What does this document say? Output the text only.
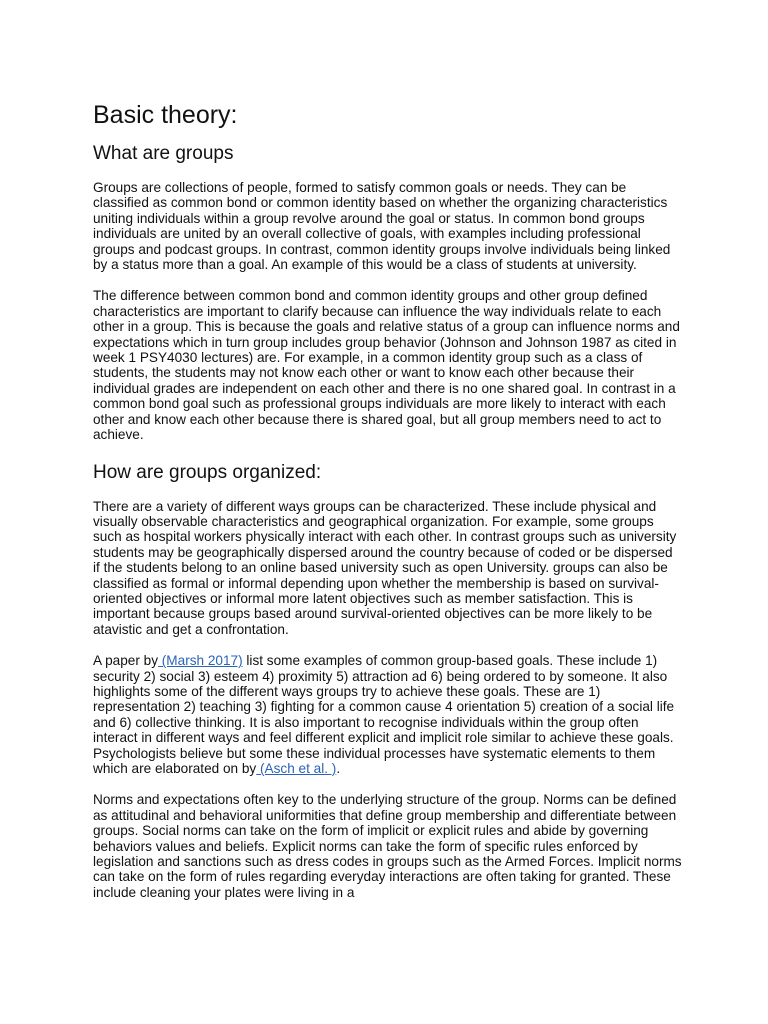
Basic theory:
What are groups

Groups are collections of people, formed to satisfy common goals or needs. They can be classified as common bond or common identity based on whether the organizing characteristics uniting individuals within a group revolve around the goal or status. In common bond groups individuals are united by an overall collective of goals, with examples including professional groups and podcast groups. In contrast, common identity groups involve individuals being linked by a status more than a goal. An example of this would be a class of students at university.

The difference between common bond and common identity groups and other group defined characteristics are important to clarify because can influence the way individuals relate to each other in a group. This is because the goals and relative status of a group can influence norms and expectations which in turn group includes group behavior (Johnson and Johnson 1987 as cited in week 1 PSY4030 lectures) are. For example, in a common identity group such as a class of students, the students may not know each other or want to know each other because their individual grades are independent on each other and there is no one shared goal. In contrast in a common bond goal such as professional groups individuals are more likely to interact with each other and know each other because there is shared goal, but all group members need to act to achieve.

How are groups organized:

There are a variety of different ways groups can be characterized. These include physical and visually observable characteristics and geographical organization. For example, some groups such as hospital workers physically interact with each other. In contrast groups such as university students may be geographically dispersed around the country because of coded or be dispersed if the students belong to an online based university such as open University. groups can also be classified as formal or informal depending upon whether the membership is based on survival-oriented objectives or informal more latent objectives such as member satisfaction. This is important because groups based around survival-oriented objectives can be more likely to be atavistic and get a confrontation.

A paper by (Marsh 2017) list some examples of common group-based goals. These include 1) security 2) social 3) esteem 4) proximity 5) attraction ad 6) being ordered to by someone. It also highlights some of the different ways groups try to achieve these goals. These are 1) representation 2) teaching 3) fighting for a common cause 4 orientation 5) creation of a social life and 6) collective thinking. It is also important to recognise individuals within the group often interact in different ways and feel different explicit and implicit role similar to achieve these goals. Psychologists believe but some these individual processes have systematic elements to them which are elaborated on by (Asch et al. ).

Norms and expectations often key to the underlying structure of the group. Norms can be defined as attitudinal and behavioral uniformities that define group membership and differentiate between groups. Social norms can take on the form of implicit or explicit rules and abide by governing behaviors values and beliefs. Explicit norms can take the form of specific rules enforced by legislation and sanctions such as dress codes in groups such as the Armed Forces. Implicit norms can take on the form of rules regarding everyday interactions are often taking for granted. These include cleaning your plates were living in a
